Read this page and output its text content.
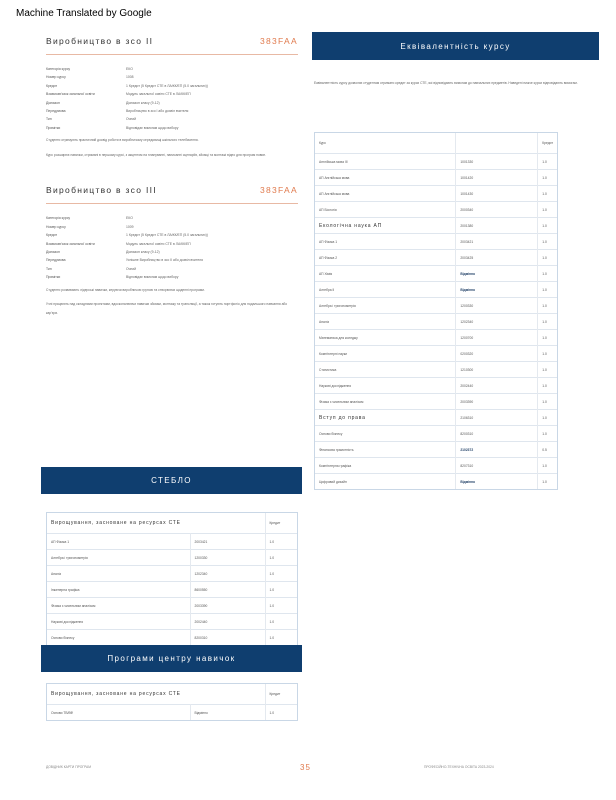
Machine Translated by Google
Виробництво в зсо II	383FAA
Категорія курсу	ЕКО
Номер курсу	1008
Кредит	1 Кредит (5 Кредит СТЕ в ЛА/КК/ЕП (5.0 загальних))
Взаємозв'язок загальної освіти	Модуль загальної освіти СТЕ в ЛА/КК/ЕП
Діапазон	Діапазон класу (9-12)
Передумова	Виробництво в зсо I або дозвіл вчителя
Тип	Очний
Примітки	Відповідає вимогам щодо вибору

Студенти отримують практичний досвід роботи в виробничому середовищі шкільного телебачення.

Курс розширює навички, отримані в першому курсі, з акцентом на плануванні, написанні сценаріїв, зйомці та монтажі відео для програм новин.

Виробництво в зсо III	383FAA
Категорія курсу	ЕКО
Номер курсу	1009
Кредит	1 Кредит (5 Кредит СТЕ в ЛА/КК/ЕП (5.0 загальних))
Взаємозв'язок загальної освіти	Модуль загальної освіти СТЕ в ЛА/КК/ЕП
Діапазон	Діапазон класу (9-12)
Передумова	Успішне Виробництво в зсо II або дозвіл вчителя
Тип	Очний
Примітки	Відповідає вимогам щодо вибору

Студенти розвивають лідерські навички, керуючи виробничою групою та створюючи щоденні програми.

Учні працюють над складними проектами, вдосконалюючи навички зйомки, монтажу та трансляції, а також готують портфоліо для подальшого навчання або кар'єри.

Еквівалентність курсу
Еквівалентність курсу дозволяє студентам отримати кредит за курси СТЕ, які відповідають вимогам до навчальних предметів. Наведені нижче курси відповідають вимогам.
Курс		Кредит
Англійська мова III	1001330	1.0
АП Англійська мова	1001420	1.0
АП Англійська мова	1001430	1.0
АП Біологія	2000340	1.0
Екологічна наука АП	2001380	1.0
АП Фізика 1	2003421	1.0
АП Фізика 2	2003425	1.0
АП Хімія	Відмінно	1.0
Алгебра II	Відмінно	1.0
Алгебра і тригонометрія	1200330	1.0
Аналіз	1202340	1.0
Математика для коледжу	1200700	1.0
Комп'ютерні науки	0200320	1.0
Статистика	1210300	1.0
Наукові дослідження	2002440	1.0
Фізика з чисельним аналізом	2003390	1.0
Вступ до права	2106310	1.0
Основи бізнесу	8200310	1.0
Фінансова грамотність	2102372	0.5
Комп'ютерна графіка	8207310	1.0
Цифровий дизайн	Відмінно	1.0
СТЕБЛО
Вирощування, засноване на ресурсах СТЕ		Кредит
АП Фізика 1	2003421	1.0
Алгебра і тригонометрія	1200330	1.0
Аналіз	1202340	1.0
Інженерна графіка	8600550	1.0
Фізика з чисельним аналізом	2003390	1.0
Наукові дослідження	2002440	1.0
Основи бізнесу	8200310	1.0
Програми центру навичок
Вирощування, засноване на ресурсах СТЕ		Кредит
Основи ТВ/ВФ	Відмінно	1.0
ДОВІДНИК КАРТИ ПРОГРАМ	35	ПРОФЕСІЙНО-ТЕХНІЧНА ОСВІТА 2023-2024
